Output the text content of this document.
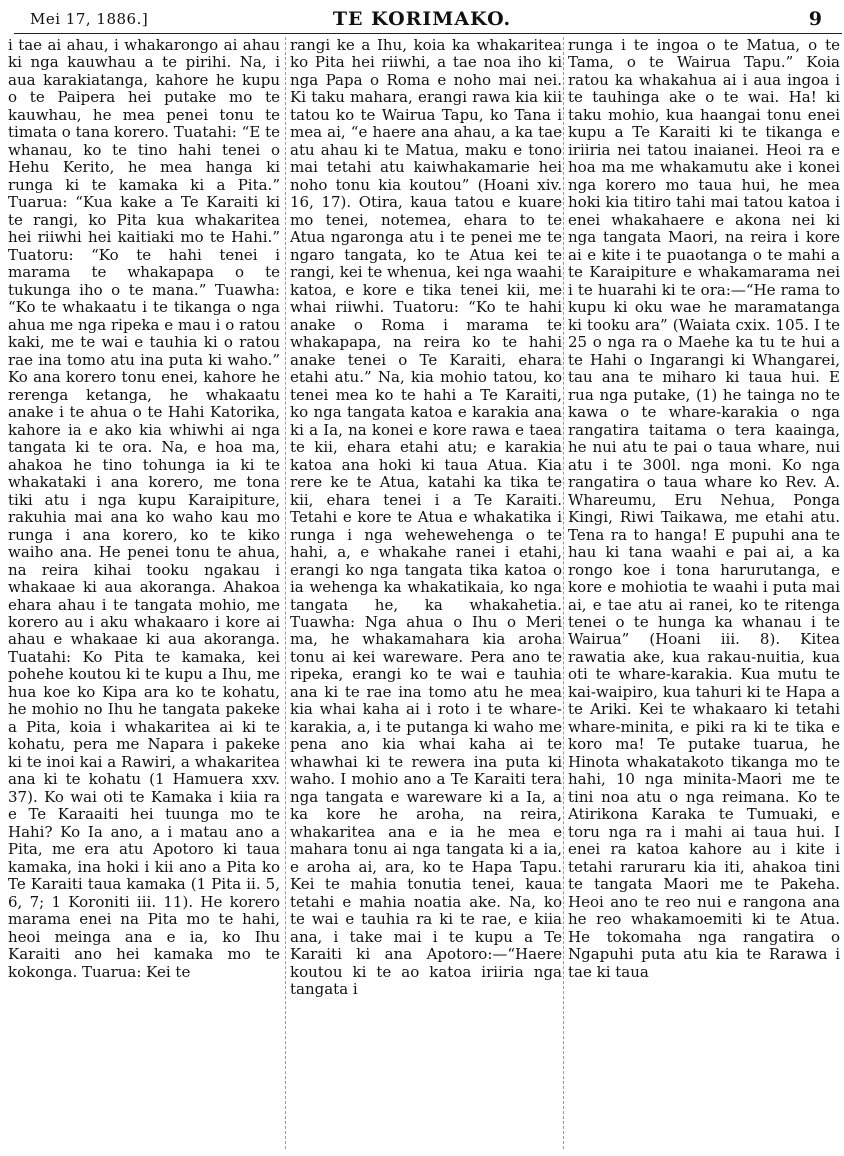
Mei 17, 1886.]	TE KORIMAKO.	9

i tae ai ahau, i whakarongo ai ahau ki nga kauwhau a te pirihi. Na, i aua karakiatanga, kahore he kupu o te Paipera hei putake mo te kauwhau, he mea penei tonu te timata o tana korero. Tuatahi: “E te whanau, ko te tino hahi tenei o Hehu Kerito, he mea hanga ki runga ki te kamaka ki a Pita.” Tuarua: “Kua kake a Te Karaiti ki te rangi, ko Pita kua whakaritea hei riiwhi hei kaitiaki mo te Hahi.” Tuatoru: “Ko te hahi tenei i marama te whakapapa o te tukunga iho o te mana.” Tuawha: “Ko te whakaatu i te tikanga o nga ahua me nga ripeka e mau i o ratou kaki, me te wai e tauhia ki o ratou rae ina tomo atu ina puta ki waho.” Ko ana korero tonu enei, kahore he rerenga ketanga, he whakaatu anake i te ahua o te Hahi Katorika, kahore ia e ako kia whiwhi ai nga tangata ki te ora. Na, e hoa ma, ahakoa he tino tohunga ia ki te whakataki i ana korero, me tona tiki atu i nga kupu Karaipiture, rakuhia mai ana ko waho kau mo runga i ana korero, ko te kiko waiho ana. He penei tonu te ahua, na reira kihai tooku ngakau i whakaae ki aua akoranga. Ahakoa ehara ahau i te tangata mohio, me korero au i aku whakaaro i kore ai ahau e whakaae ki aua akoranga. Tuatahi: Ko Pita te kamaka, kei pohehe koutou ki te kupu a Ihu, me hua koe ko Kipa ara ko te kohatu, he mohio no Ihu he tangata pakeke a Pita, koia i whakaritea ai ki te kohatu, pera me Napara i pakeke ki te inoi kai a Rawiri, a whakaritea ana ki te kohatu (1 Hamuera xxv. 37). Ko wai oti te Kamaka i kiia ra e Te Karaaiti hei tuunga mo te Hahi? Ko Ia ano, a i matau ano a Pita, me era atu Apotoro ki taua kamaka, ina hoki i kii ano a Pita ko Te Karaiti taua kamaka (1 Pita ii. 5, 6, 7; 1 Koroniti iii. 11). He korero marama enei na Pita mo te hahi, heoi meinga ana e ia, ko Ihu Karaiti ano hei kamaka mo te kokonga. Tuarua: Kei te

rangi ke a Ihu, koia ka whakaritea ko Pita hei riiwhi, a tae noa iho ki nga Papa o Roma e noho mai nei. Ki taku mahara, erangi rawa kia kii tatou ko te Wairua Tapu, ko Tana i mea ai, “e haere ana ahau, a ka tae atu ahau ki te Matua, maku e tono mai tetahi atu kaiwhakamarie hei noho tonu kia koutou” (Hoani xiv. 16, 17). Otira, kaua tatou e kuare mo tenei, notemea, ehara to te Atua ngaronga atu i te penei me te ngaro tangata, ko te Atua kei te rangi, kei te whenua, kei nga waahi katoa, e kore e tika tenei kii, me whai riiwhi. Tuatoru: “Ko te hahi anake o Roma i marama te whakapapa, na reira ko te hahi anake tenei o Te Karaiti, ehara etahi atu.” Na, kia mohio tatou, ko tenei mea ko te hahi a Te Karaiti, ko nga tangata katoa e karakia ana ki a Ia, na konei e kore rawa e taea te kii, ehara etahi atu; e karakia katoa ana hoki ki taua Atua. Kia rere ke te Atua, katahi ka tika te kii, ehara tenei i a Te Karaiti. Tetahi e kore te Atua e whakatika i runga i nga wehewehenga o te hahi, a, e whakahe ranei i etahi, erangi ko nga tangata tika katoa o ia wehenga ka whakatikaia, ko nga tangata he, ka whakahetia. Tuawha: Nga ahua o Ihu o Meri ma, he whakamahara kia aroha tonu ai kei wareware. Pera ano te ripeka, erangi ko te wai e tauhia ana ki te rae ina tomo atu he mea kia whai kaha ai i roto i te whare-karakia, a, i te putanga ki waho me pena ano kia whai kaha ai te whawhai ki te rewera ina puta ki waho. I mohio ano a Te Karaiti tera nga tangata e wareware ki a Ia, a ka kore he aroha, na reira, whakaritea ana e ia he mea e mahara tonu ai nga tangata ki a ia, e aroha ai, ara, ko te Hapa Tapu. Kei te mahia tonutia tenei, kaua tetahi e mahia noatia ake. Na, ko te wai e tauhia ra ki te rae, e kiia ana, i take mai i te kupu a Te Karaiti ki ana Apotoro:—“Haere koutou ki te ao katoa iriiria nga tangata i

runga i te ingoa o te Matua, o te Tama, o te Wairua Tapu.” Koia ratou ka whakahua ai i aua ingoa i te tauhinga ake o te wai. Ha! ki taku mohio, kua haangai tonu enei kupu a Te Karaiti ki te tikanga e iriiria nei tatou inaianei. Heoi ra e hoa ma me whakamutu ake i konei nga korero mo taua hui, he mea hoki kia titiro tahi mai tatou katoa i enei whakahaere e akona nei ki nga tangata Maori, na reira i kore ai e kite i te puaotanga o te mahi a te Karaipiture e whakamarama nei i te huarahi ki te ora:—“He rama to kupu ki oku wae he maramatanga ki tooku ara” (Waiata cxix. 105. I te 25 o nga ra o Maehe ka tu te hui a te Hahi o Ingarangi ki Whangarei, tau ana te miharo ki taua hui. E rua nga putake, (1) he tainga no te kawa o te whare-karakia o nga rangatira taitama o tera kaainga, he nui atu te pai o taua whare, nui atu i te 300l. nga moni. Ko nga rangatira o taua whare ko Rev. A. Whareumu, Eru Nehua, Ponga Kingi, Riwi Taikawa, me etahi atu. Tena ra to hanga! E pupuhi ana te hau ki tana waahi e pai ai, a ka rongo koe i tona harurutanga, e kore e mohiotia te waahi i puta mai ai, e tae atu ai ranei, ko te ritenga tenei o te hunga ka whanau i te Wairua” (Hoani iii. 8). Kitea rawatia ake, kua rakau-nuitia, kua oti te whare-karakia. Kua mutu te kai-waipiro, kua tahuri ki te Hapa a te Ariki. Kei te whakaaro ki tetahi whare-minita, e piki ra ki te tika e koro ma! Te putake tuarua, he Hinota whakatakoto tikanga mo te hahi, 10 nga minita-Maori me te tini noa atu o nga reimana. Ko te Atirikona Karaka te Tumuaki, e toru nga ra i mahi ai taua hui. I enei ra katoa kahore au i kite i tetahi raruraru kia iti, ahakoa tini te tangata Maori me te Pakeha. Heoi ano te reo nui e rangona ana he reo whakamoemiti ki te Atua. He tokomaha nga rangatira o Ngapuhi puta atu kia te Rarawa i tae ki taua
